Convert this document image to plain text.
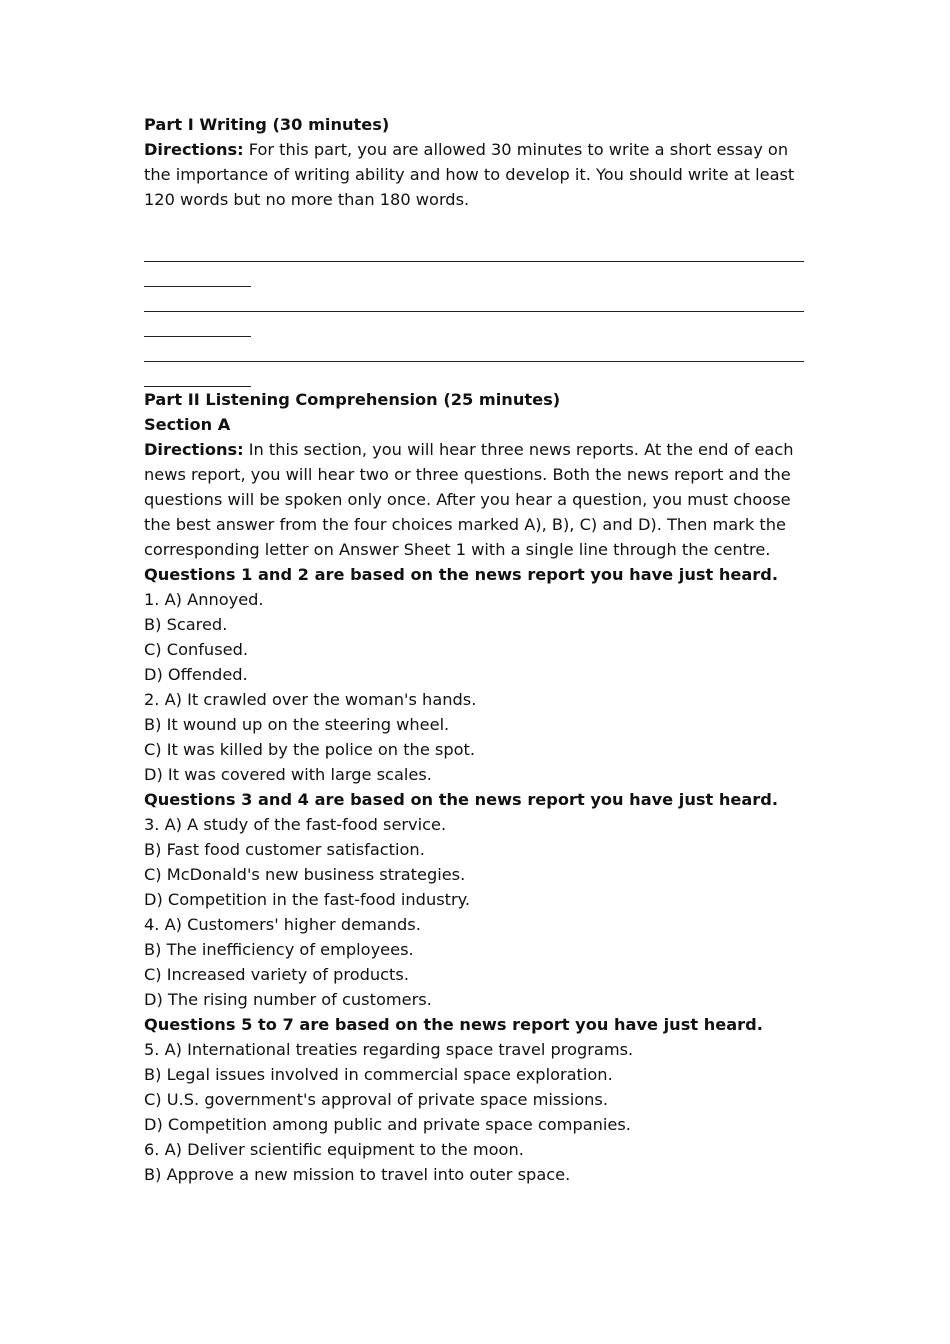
Part I Writing (30 minutes)
Directions: For this part, you are allowed 30 minutes to write a short essay on the importance of writing ability and how to develop it. You should write at least 120 words but no more than 180 words.
Part II Listening Comprehension (25 minutes)
Section A
Directions: In this section, you will hear three news reports. At the end of each news report, you will hear two or three questions. Both the news report and the questions will be spoken only once. After you hear a question, you must choose the best answer from the four choices marked A), B), C) and D). Then mark the corresponding letter on Answer Sheet 1 with a single line through the centre.
Questions 1 and 2 are based on the news report you have just heard.
1. A) Annoyed.
B) Scared.
C) Confused.
D) Offended.
2. A) It crawled over the woman's hands.
B) It wound up on the steering wheel.
C) It was killed by the police on the spot.
D) It was covered with large scales.
Questions 3 and 4 are based on the news report you have just heard.
3. A) A study of the fast-food service.
B) Fast food customer satisfaction.
C) McDonald's new business strategies.
D) Competition in the fast-food industry.
4. A) Customers' higher demands.
B) The inefficiency of employees.
C) Increased variety of products.
D) The rising number of customers.
Questions 5 to 7 are based on the news report you have just heard.
5. A) International treaties regarding space travel programs.
B) Legal issues involved in commercial space exploration.
C) U.S. government's approval of private space missions.
D) Competition among public and private space companies.
6. A) Deliver scientific equipment to the moon.
B) Approve a new mission to travel into outer space.
